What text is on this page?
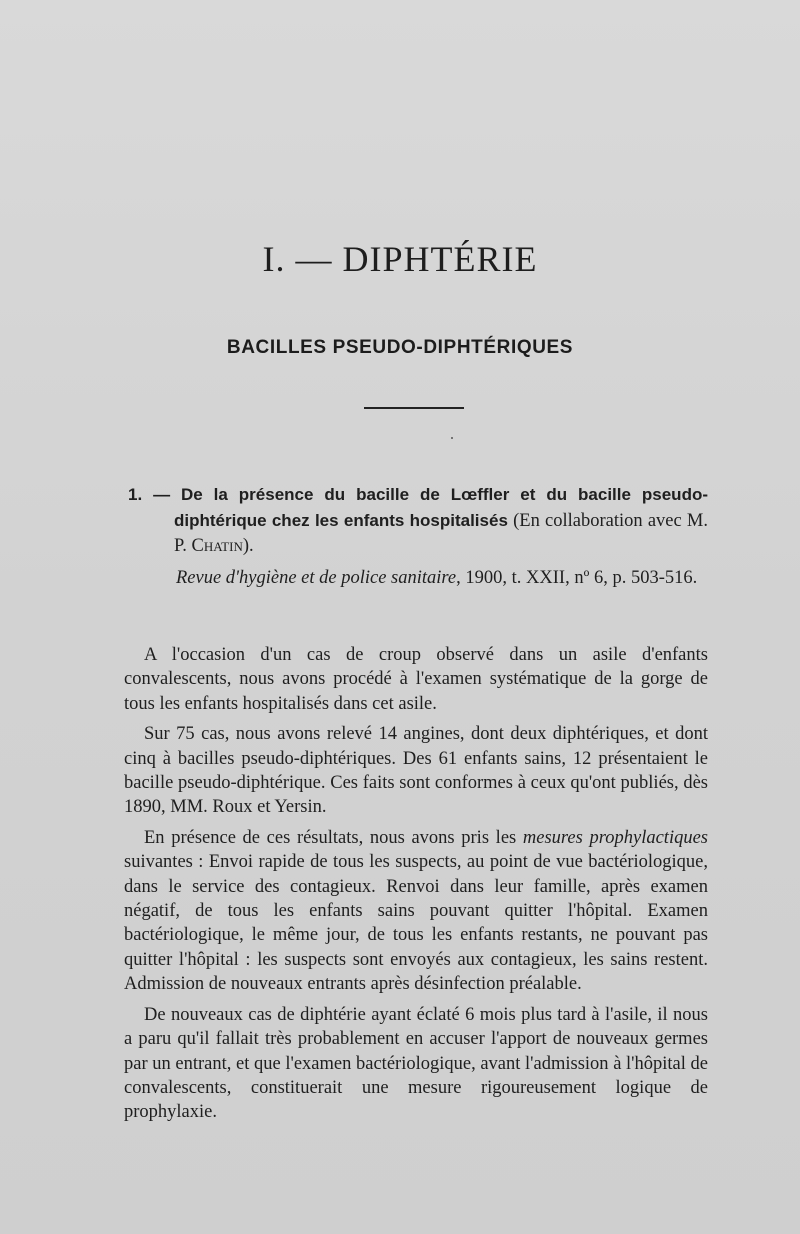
I. — DIPHTÉRIE
BACILLES PSEUDO-DIPHTÉRIQUES
1. — De la présence du bacille de Lœffler et du bacille pseudo-diphtérique chez les enfants hospitalisés (En collaboration avec M. P. Chatin).
Revue d'hygiène et de police sanitaire, 1900, t. XXII, nº 6, p. 503-516.

A l'occasion d'un cas de croup observé dans un asile d'enfants convalescents, nous avons procédé à l'examen systématique de la gorge de tous les enfants hospitalisés dans cet asile.

Sur 75 cas, nous avons relevé 14 angines, dont deux diphtériques, et dont cinq à bacilles pseudo-diphtériques. Des 61 enfants sains, 12 présentaient le bacille pseudo-diphtérique. Ces faits sont conformes à ceux qu'ont publiés, dès 1890, MM. Roux et Yersin.

En présence de ces résultats, nous avons pris les mesures prophylactiques suivantes : Envoi rapide de tous les suspects, au point de vue bactériologique, dans le service des contagieux. Renvoi dans leur famille, après examen négatif, de tous les enfants sains pouvant quitter l'hôpital. Examen bactériologique, le même jour, de tous les enfants restants, ne pouvant pas quitter l'hôpital : les suspects sont envoyés aux contagieux, les sains restent. Admission de nouveaux entrants après désinfection préalable.

De nouveaux cas de diphtérie ayant éclaté 6 mois plus tard à l'asile, il nous a paru qu'il fallait très probablement en accuser l'apport de nouveaux germes par un entrant, et que l'examen bactériologique, avant l'admission à l'hôpital de convalescents, constituerait une mesure rigoureusement logique de prophylaxie.
